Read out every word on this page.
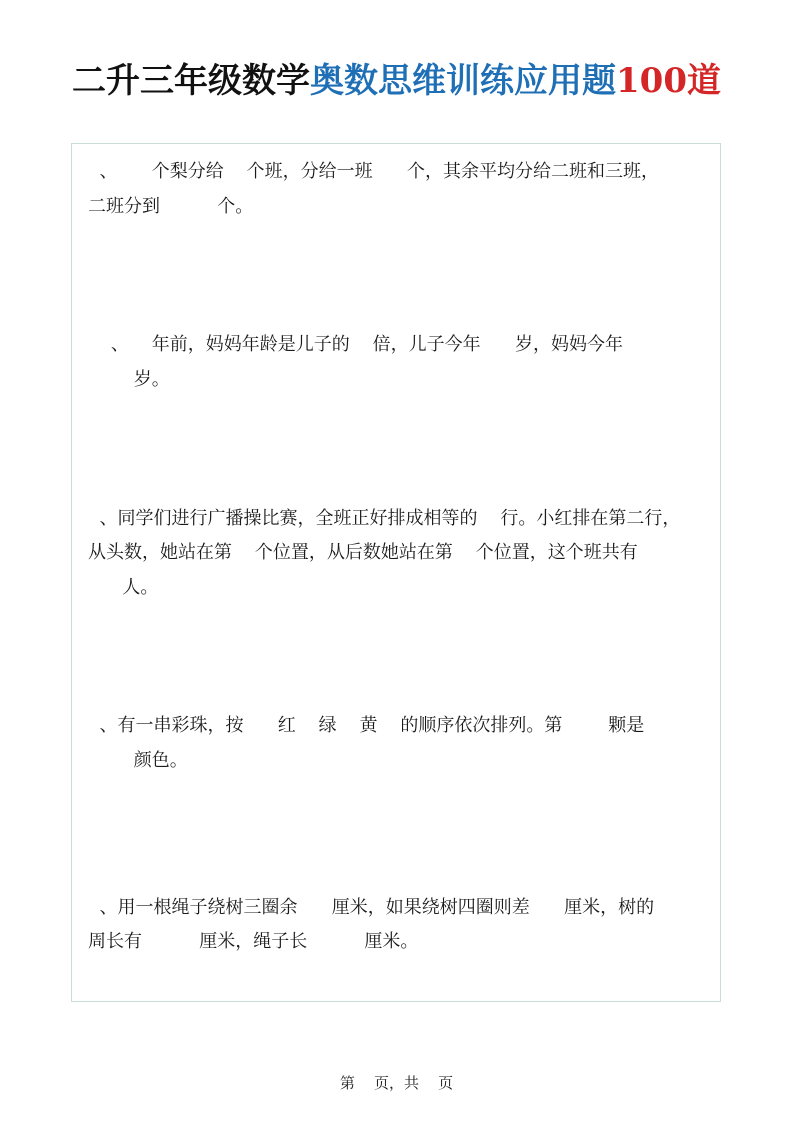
二升三年级数学奥数思维训练应用题100道
、      个梨分给    个班，分给一班      个，其余平均分给二班和三班，
二班分到          个。
、    年前，妈妈年龄是儿子的    倍，儿子今年      岁，妈妈今年
岁。
、同学们进行广播操比赛，全班正好排成相等的    行。小红排在第二行，
从头数，她站在第    个位置，从后数她站在第    个位置，这个班共有
人。
、有一串彩珠，按      红    绿    黄    的顺序依次排列。第        颗是
颜色。
、用一根绳子绕树三圈余      厘米，如果绕树四圈则差      厘米，树的
周长有          厘米，绳子长          厘米。
第    页，共    页
